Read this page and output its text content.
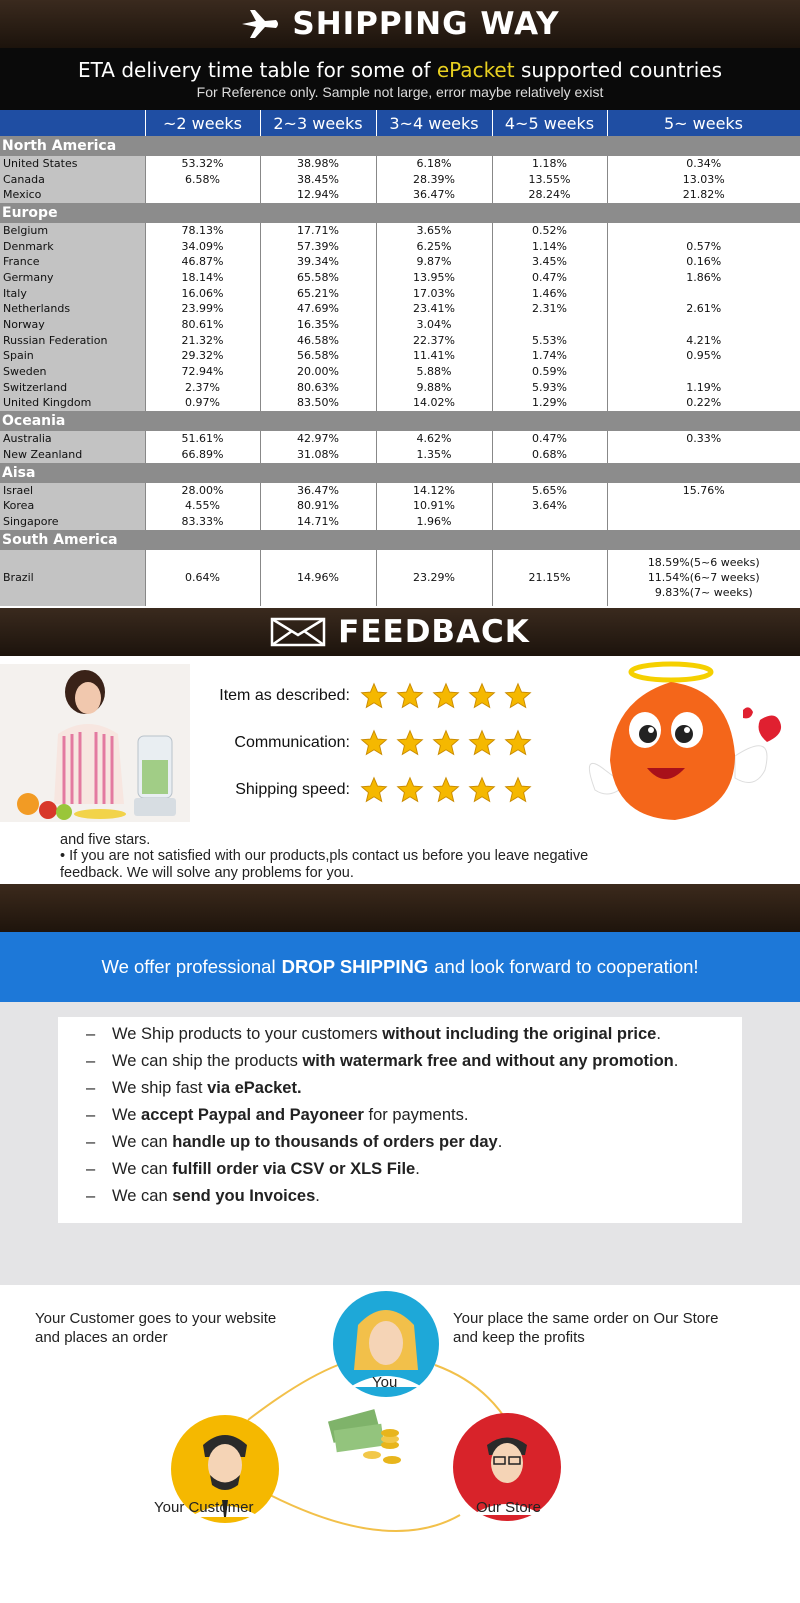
SHIPPING WAY
ETA delivery time table for some of ePacket supported countries
For Reference only. Sample not large, error maybe relatively exist
	~2 weeks	2~3 weeks	3~4 weeks	4~5 weeks	5~ weeks
North America					
United States	53.32%	38.98%	6.18%	1.18%	0.34%
Canada	6.58%	38.45%	28.39%	13.55%	13.03%
Mexico		12.94%	36.47%	28.24%	21.82%
Europe					
Belgium	78.13%	17.71%	3.65%	0.52%	
Denmark	34.09%	57.39%	6.25%	1.14%	0.57%
France	46.87%	39.34%	9.87%	3.45%	0.16%
Germany	18.14%	65.58%	13.95%	0.47%	1.86%
Italy	16.06%	65.21%	17.03%	1.46%	
Netherlands	23.99%	47.69%	23.41%	2.31%	2.61%
Norway	80.61%	16.35%	3.04%		
Russian Federation	21.32%	46.58%	22.37%	5.53%	4.21%
Spain	29.32%	56.58%	11.41%	1.74%	0.95%
Sweden	72.94%	20.00%	5.88%	0.59%	
Switzerland	2.37%	80.63%	9.88%	5.93%	1.19%
United Kingdom	0.97%	83.50%	14.02%	1.29%	0.22%
Oceania					
Australia	51.61%	42.97%	4.62%	0.47%	0.33%
New Zeanland	66.89%	31.08%	1.35%	0.68%	
Aisa					
Israel	28.00%	36.47%	14.12%	5.65%	15.76%
Korea	4.55%	80.91%	10.91%	3.64%	
Singapore	83.33%	14.71%	1.96%		
South America					
Brazil	0.64%	14.96%	23.29%	21.15%	18.59%(5~6 weeks)
11.54%(6~7 weeks)
9.83%(7~ weeks)
FEEDBACK
Item as described:
Communication:
Shipping speed:
and five stars.
• If you are not satisfied with our products,pls contact us before you leave negative
feedback. We will solve any problems for you.
We offer professional DROP SHIPPING and look forward to cooperation!
–	We Ship products to your customers without including the original price.
–	We can ship the products with watermark free and without any promotion.
–	We ship fast via ePacket.
–	We accept Paypal and Payoneer for payments.
–	We can handle up to thousands of orders per day.
–	We can fulfill order via CSV or XLS File.
–	We can send you Invoices.
Your Customer goes to your website
and places an order
Your place the same order on Our Store
and keep the profits
You
Your Customer	Our Store
